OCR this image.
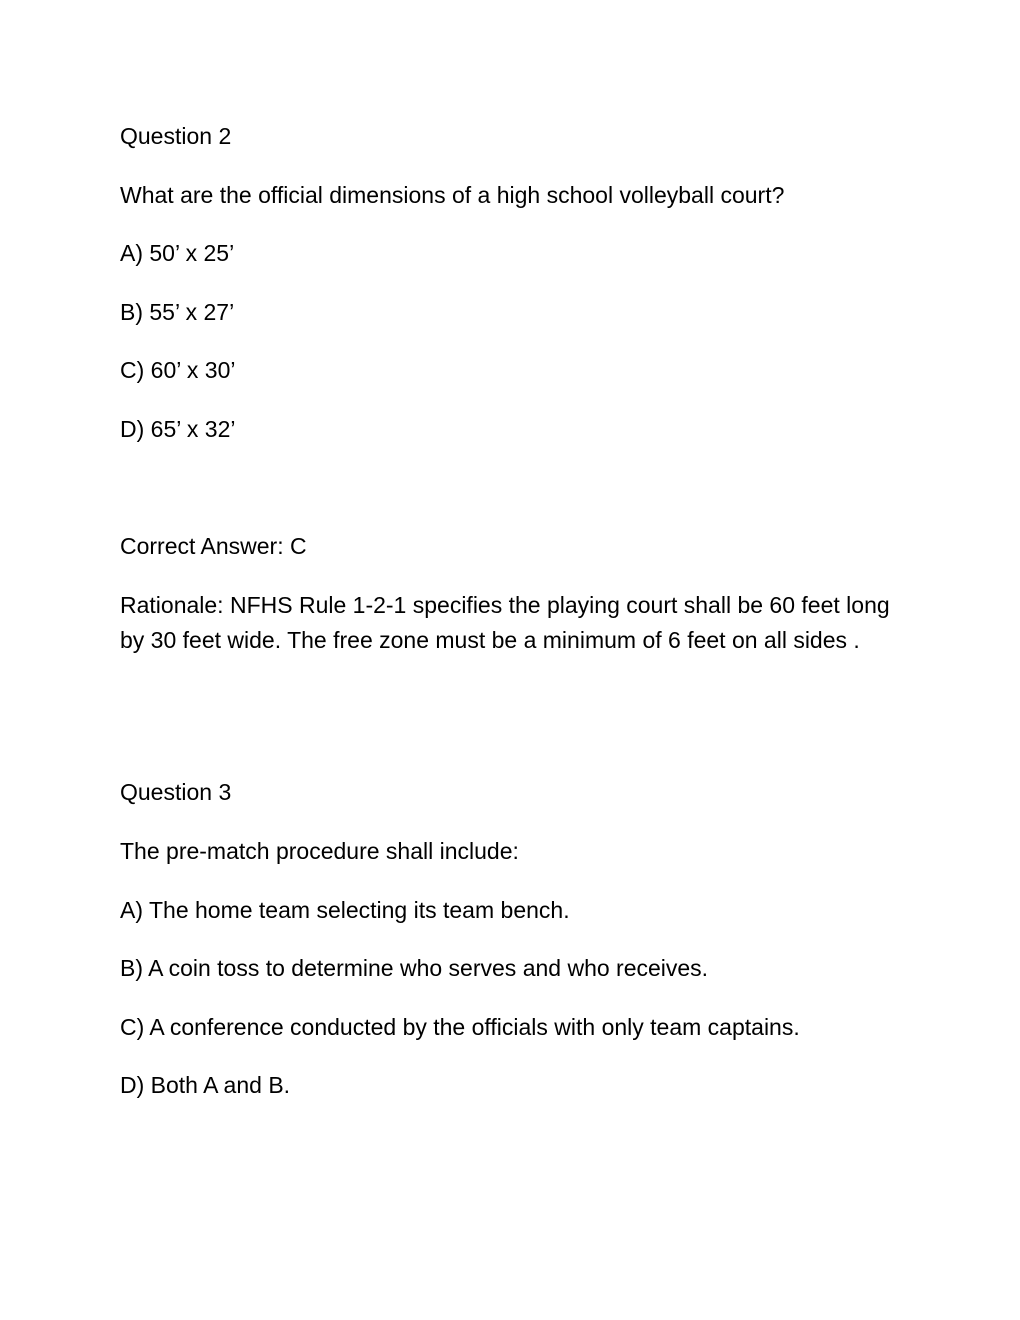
Question 2

What are the official dimensions of a high school volleyball court?

A) 50’ x 25’

B) 55’ x 27’

C) 60’ x 30’

D) 65’ x 32’

Correct Answer: C

Rationale: NFHS Rule 1-2-1 specifies the playing court shall be 60 feet long by 30 feet wide. The free zone must be a minimum of 6 feet on all sides .

Question 3

The pre-match procedure shall include:

A) The home team selecting its team bench.

B) A coin toss to determine who serves and who receives.

C) A conference conducted by the officials with only team captains.

D) Both A and B.
